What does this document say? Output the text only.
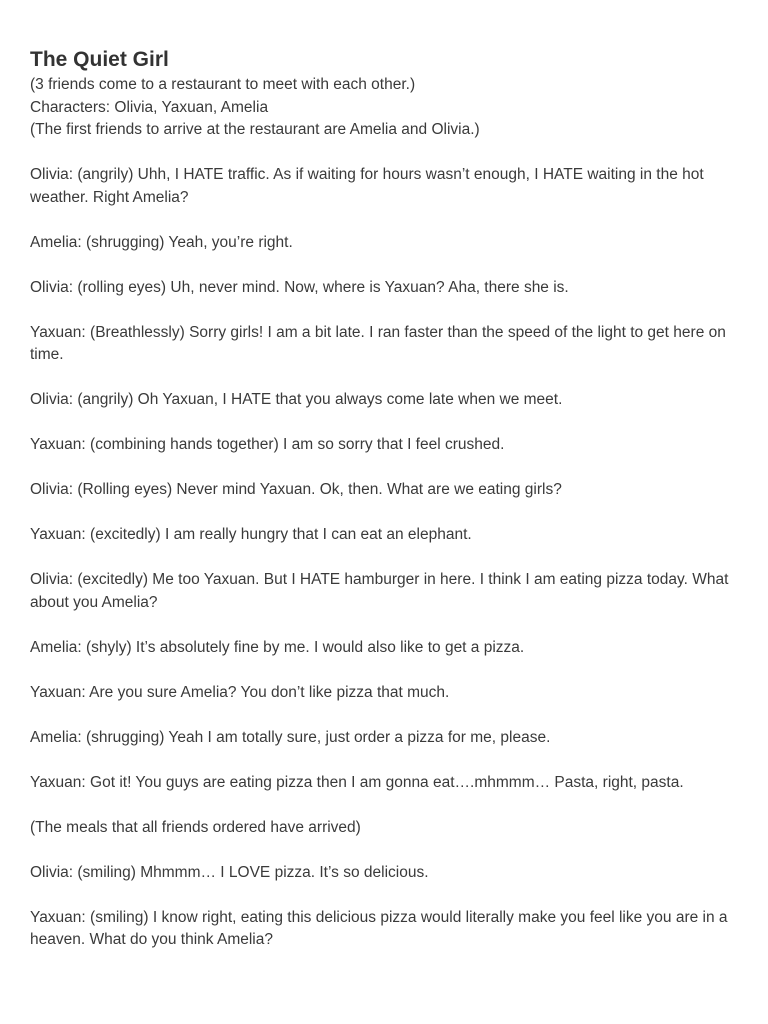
The Quiet Girl

(3 friends come to a restaurant to meet with each other.)

Characters: Olivia, Yaxuan, Amelia

(The first friends to arrive at the restaurant are Amelia and Olivia.)

Olivia: (angrily) Uhh, I HATE traffic. As if waiting for hours wasn’t enough, I HATE waiting in the hot weather. Right Amelia?

Amelia: (shrugging) Yeah, you’re right.

Olivia: (rolling eyes) Uh, never mind. Now, where is Yaxuan? Aha, there she is.

Yaxuan: (Breathlessly) Sorry girls! I am a bit late. I ran faster than the speed of the light to get here on time.

Olivia: (angrily) Oh Yaxuan, I HATE that you always come late when we meet.

Yaxuan: (combining hands together) I am so sorry that I feel crushed.

Olivia: (Rolling eyes) Never mind Yaxuan. Ok, then. What are we eating girls?

Yaxuan: (excitedly) I am really hungry that I can eat an elephant.

Olivia: (excitedly) Me too Yaxuan. But I HATE hamburger in here. I think I am eating pizza today. What about you Amelia?

Amelia: (shyly) It’s absolutely fine by me. I would also like to get a pizza.

Yaxuan: Are you sure Amelia? You don’t like pizza that much.

Amelia: (shrugging) Yeah I am totally sure, just order a pizza for me, please.

Yaxuan: Got it! You guys are eating pizza then I am gonna eat….mhmmm… Pasta, right, pasta.

(The meals that all friends ordered have arrived)

Olivia: (smiling) Mhmmm… I LOVE pizza. It’s so delicious.

Yaxuan: (smiling) I know right, eating this delicious pizza would literally make you feel like you are in a heaven. What do you think Amelia?
